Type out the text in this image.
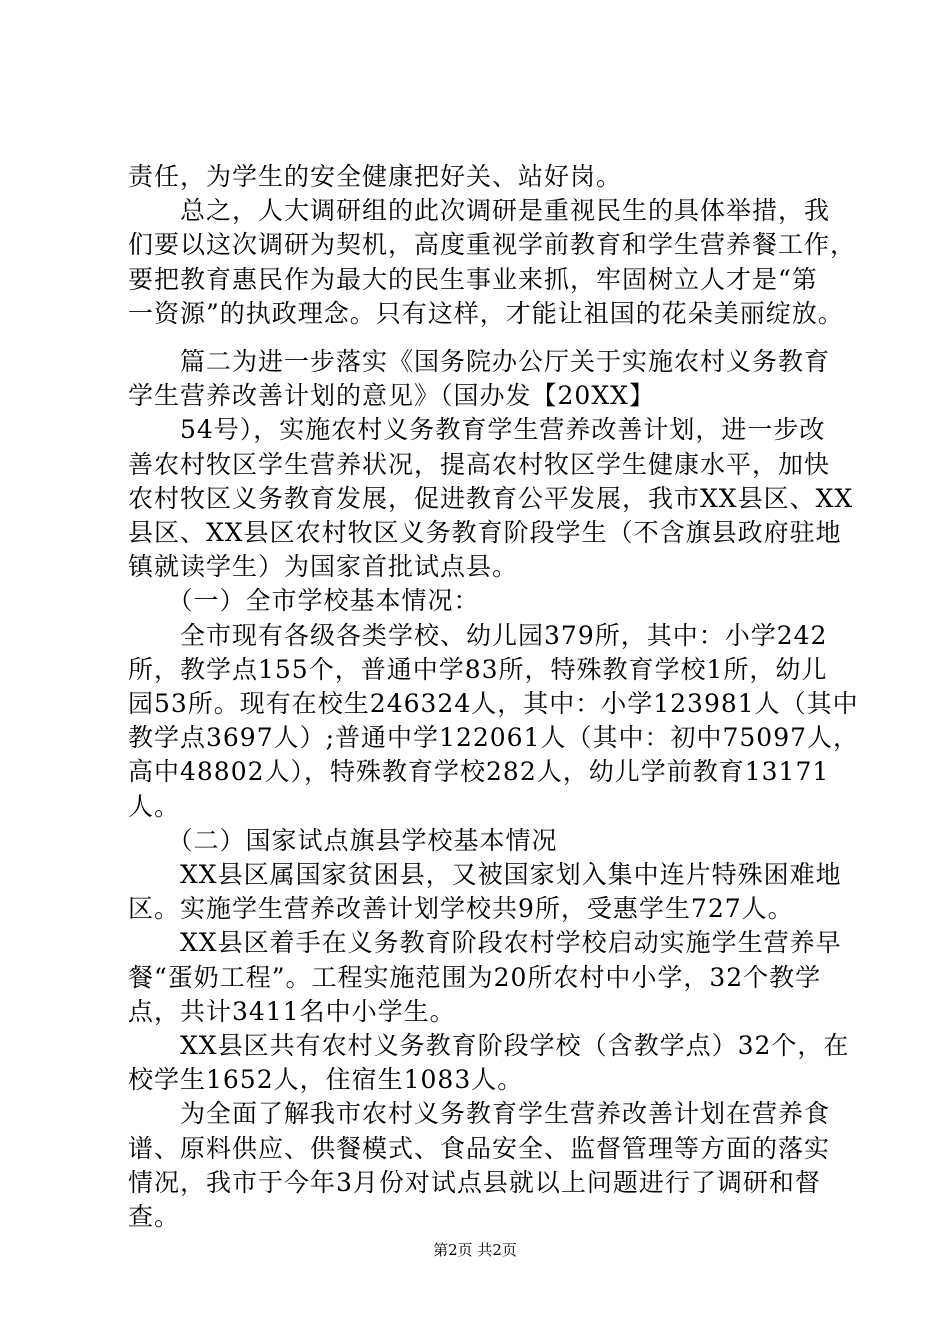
责任，为学生的安全健康把好关、站好岗。
　　总之，人大调研组的此次调研是重视民生的具体举措，我
们要以这次调研为契机，高度重视学前教育和学生营养餐工作，
要把教育惠民作为最大的民生事业来抓，牢固树立人才是“第
一资源”的执政理念。只有这样，才能让祖国的花朵美丽绽放。
　　篇二为进一步落实《国务院办公厅关于实施农村义务教育
学生营养改善计划的意见》（国办发【20XX】
　　54号），实施农村义务教育学生营养改善计划，进一步改
善农村牧区学生营养状况，提高农村牧区学生健康水平，加快
农村牧区义务教育发展，促进教育公平发展，我市XX县区、XX
县区、XX县区农村牧区义务教育阶段学生（不含旗县政府驻地
镇就读学生）为国家首批试点县。
　　（一）全市学校基本情况：
　　全市现有各级各类学校、幼儿园379所，其中：小学242
所，教学点155个，普通中学83所，特殊教育学校1所，幼儿
园53所。现有在校生246324人，其中：小学123981人（其中
教学点3697人）;普通中学122061人（其中：初中75097人，
高中48802人），特殊教育学校282人，幼儿学前教育13171
人。
　　（二）国家试点旗县学校基本情况
　　XX县区属国家贫困县，又被国家划入集中连片特殊困难地
区。实施学生营养改善计划学校共9所，受惠学生727人。
　　XX县区着手在义务教育阶段农村学校启动实施学生营养早
餐“蛋奶工程”。工程实施范围为20所农村中小学，32个教学
点，共计3411名中小学生。
　　XX县区共有农村义务教育阶段学校（含教学点）32个，在
校学生1652人，住宿生1083人。
　　为全面了解我市农村义务教育学生营养改善计划在营养食
谱、原料供应、供餐模式、食品安全、监督管理等方面的落实
情况，我市于今年3月份对试点县就以上问题进行了调研和督
查。
第2页 共2页
